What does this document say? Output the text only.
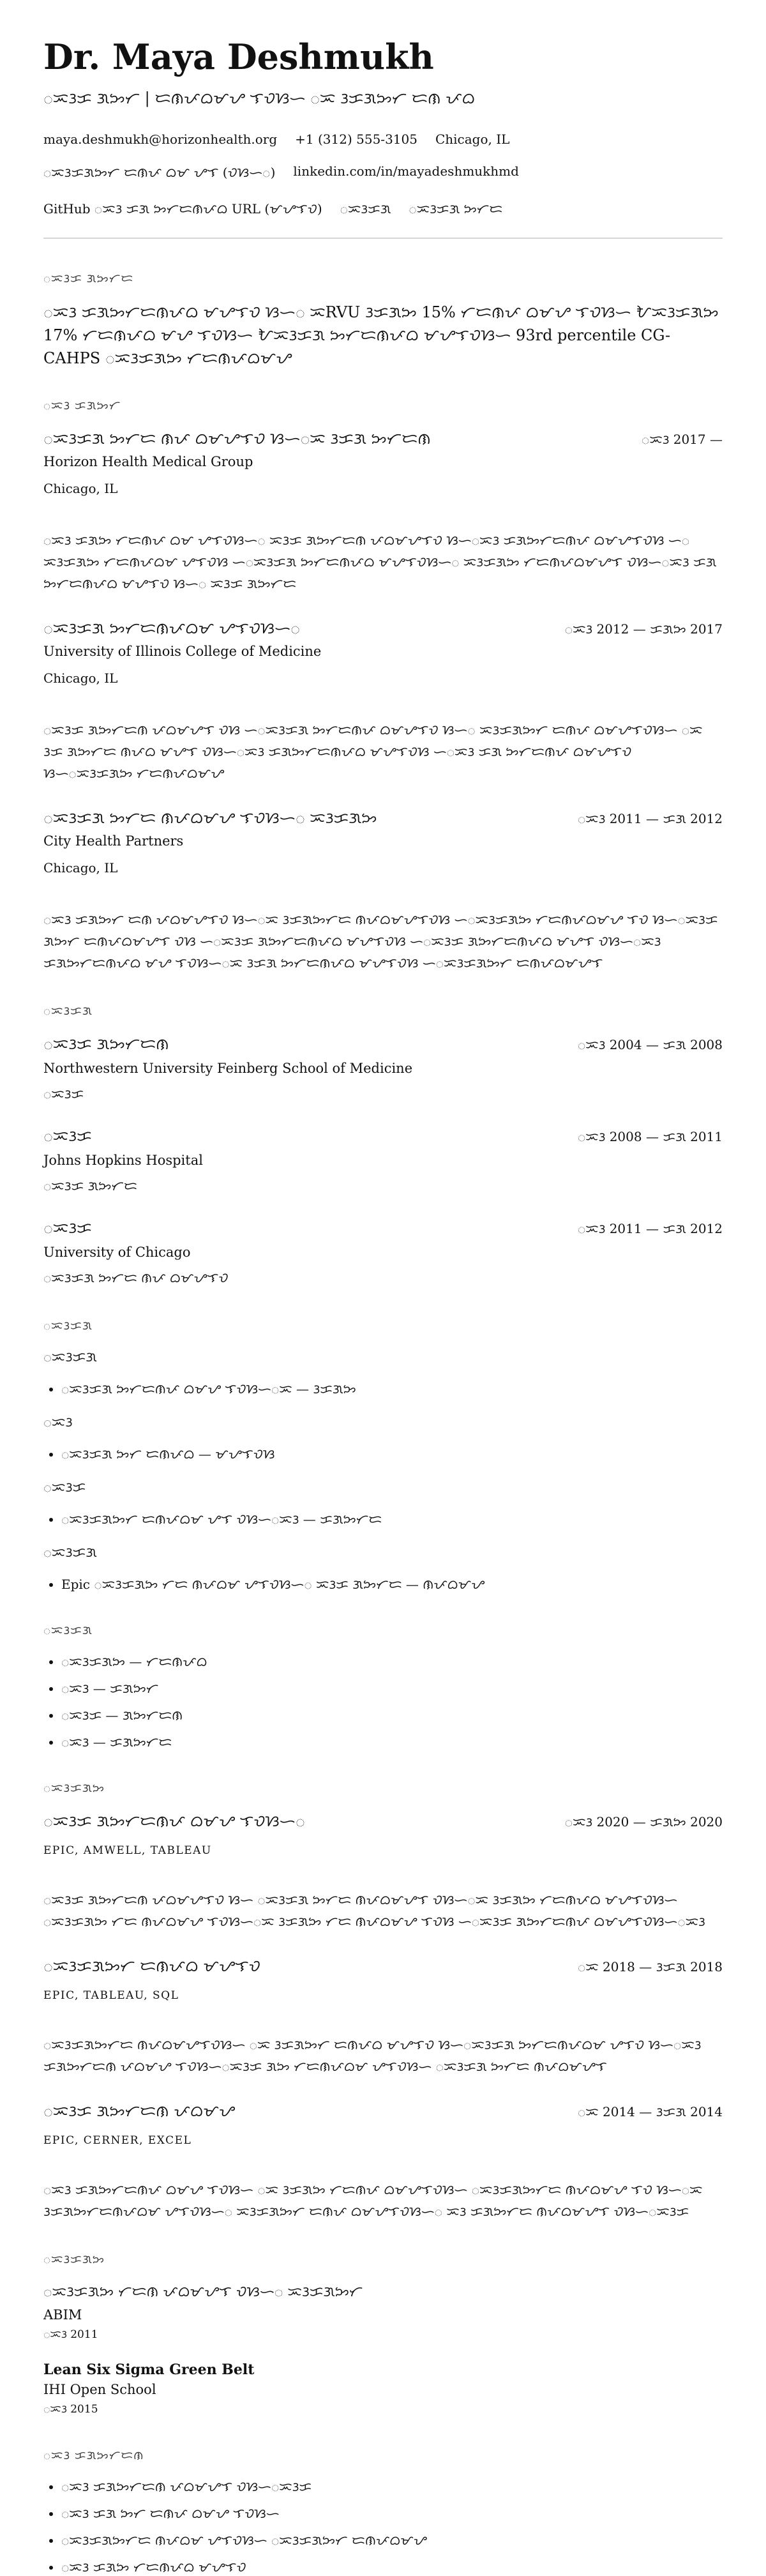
Dr. Maya Deshmukh
ᜀᜁᜂᜃ ᜄᜅᜆ | ᜇᜈᜉᜊᜋᜌ ᜎᜏᜐᜑ ᜀᜁ ᜂᜃᜄᜅᜆ ᜇᜈ ᜉᜊ
maya.deshmukh@horizonhealth.org +1 (312) 555-3105 Chicago, IL
ᜀᜁᜂᜃᜄᜅᜆ ᜇᜈᜉ ᜊᜋ ᜌᜎ (ᜏᜐᜑᜀ) linkedin.com/in/mayadeshmukhmd
GitHub ᜀᜁᜂ ᜃᜄ ᜅᜆᜇᜈᜉᜊ URL (ᜋᜌᜎᜏ) ᜀᜁᜂᜃᜄ ᜀᜁᜂᜃᜄ ᜅᜆᜇ
ᜀᜁᜂᜃ ᜄᜅᜆᜇ
ᜀᜁᜂ ᜃᜄᜅᜆᜇᜈᜉᜊ ᜋᜌᜎᜏ ᜐᜑᜀ ᜁRVU ᜂᜃᜄᜅ 15% ᜆᜇᜈᜉ ᜊᜋᜌ ᜎᜏᜐᜑ ᜀᜁᜂᜃᜄᜅ 17% ᜆᜇᜈᜉᜊ ᜋᜌ ᜎᜏᜐᜑ ᜀᜁᜂᜃᜄ ᜅᜆᜇᜈᜉᜊ ᜋᜌᜎᜏᜐᜑ 93rd percentile CG-CAHPS ᜀᜁᜂᜃᜄᜅ ᜆᜇᜈᜉᜊᜋᜌ
ᜀᜁᜂ ᜃᜄᜅᜆ
ᜀᜁᜂᜃᜄ ᜅᜆᜇ ᜈᜉ ᜊᜋᜌᜎᜏ ᜐᜑᜀᜁ ᜂᜃᜄ ᜅᜆᜇᜈ	ᜀᜁᜂ 2017 —
Horizon Health Medical Group
Chicago, IL
ᜀᜁᜂ ᜃᜄᜅ ᜆᜇᜈᜉ ᜊᜋ ᜌᜎᜏᜐᜑᜀ ᜁᜂᜃ ᜄᜅᜆᜇᜈ ᜉᜊᜋᜌᜎᜏ ᜐᜑᜀᜁᜂ ᜃᜄᜅᜆᜇᜈᜉ ᜊᜋᜌᜎᜏᜐ ᜑᜀ ᜁᜂᜃᜄᜅ ᜆᜇᜈᜉᜊᜋ ᜌᜎᜏᜐ ᜑᜀᜁᜂᜃᜄ ᜅᜆᜇᜈᜉᜊ ᜋᜌᜎᜏᜐᜑᜀ ᜁᜂᜃᜄᜅ ᜆᜇᜈᜉᜊᜋᜌᜎ ᜏᜐᜑᜀᜁᜂ ᜃᜄ ᜅᜆᜇᜈᜉᜊ ᜋᜌᜎᜏ ᜐᜑᜀ ᜁᜂᜃ ᜄᜅᜆᜇ
ᜀᜁᜂᜃᜄ ᜅᜆᜇᜈᜉᜊᜋ ᜌᜎᜏᜐᜑᜀ	ᜀᜁᜂ 2012 — ᜃᜄᜅ 2017
University of Illinois College of Medicine
Chicago, IL
ᜀᜁᜂᜃ ᜄᜅᜆᜇᜈ ᜉᜊᜋᜌᜎ ᜏᜐ ᜑᜀᜁᜂᜃᜄ ᜅᜆᜇᜈᜉ ᜊᜋᜌᜎᜏ ᜐᜑᜀ ᜁᜂᜃᜄᜅᜆ ᜇᜈᜉ ᜊᜋᜌᜎᜏᜐᜑ ᜀᜁ ᜂᜃ ᜄᜅᜆᜇ ᜈᜉᜊ ᜋᜌᜎ ᜏᜐᜑᜀᜁᜂ ᜃᜄᜅᜆᜇᜈᜉᜊ ᜋᜌᜎᜏᜐ ᜑᜀᜁᜂ ᜃᜄ ᜅᜆᜇᜈᜉ ᜊᜋᜌᜎᜏ ᜐᜑᜀᜁᜂᜃᜄᜅ ᜆᜇᜈᜉᜊᜋᜌ
ᜀᜁᜂᜃᜄ ᜅᜆᜇ ᜈᜉᜊᜋᜌ ᜎᜏᜐᜑᜀ ᜁᜂᜃᜄᜅ	ᜀᜁᜂ 2011 — ᜃᜄ 2012
City Health Partners
Chicago, IL
ᜀᜁᜂ ᜃᜄᜅᜆ ᜇᜈ ᜉᜊᜋᜌᜎᜏ ᜐᜑᜀᜁ ᜂᜃᜄᜅᜆᜇ ᜈᜉᜊᜋᜌᜎᜏᜐ ᜑᜀᜁᜂᜃᜄᜅ ᜆᜇᜈᜉᜊᜋᜌ ᜎᜏ ᜐᜑᜀᜁᜂᜃ ᜄᜅᜆ ᜇᜈᜉᜊᜋᜌᜎ ᜏᜐ ᜑᜀᜁᜂᜃ ᜄᜅᜆᜇᜈᜉᜊ ᜋᜌᜎᜏᜐ ᜑᜀᜁᜂᜃ ᜄᜅᜆᜇᜈᜉᜊ ᜋᜌᜎ ᜏᜐᜑᜀᜁᜂ ᜃᜄᜅᜆᜇᜈᜉᜊ ᜋᜌ ᜎᜏᜐᜑᜀᜁ ᜂᜃᜄ ᜅᜆᜇᜈᜉᜊ ᜋᜌᜎᜏᜐ ᜑᜀᜁᜂᜃᜄᜅᜆ ᜇᜈᜉᜊᜋᜌᜎ
ᜀᜁᜂᜃᜄ
ᜀᜁᜂᜃ ᜄᜅᜆᜇᜈ	ᜀᜁᜂ 2004 — ᜃᜄ 2008
Northwestern University Feinberg School of Medicine
ᜀᜁᜂᜃ
ᜀᜁᜂᜃ	ᜀᜁᜂ 2008 — ᜃᜄ 2011
Johns Hopkins Hospital
ᜀᜁᜂᜃ ᜄᜅᜆᜇ
ᜀᜁᜂᜃ	ᜀᜁᜂ 2011 — ᜃᜄ 2012
University of Chicago
ᜀᜁᜂᜃᜄ ᜅᜆᜇ ᜈᜉ ᜊᜋᜌᜎᜏ
ᜀᜁᜂᜃᜄ
ᜀᜁᜂᜃᜄ
• ᜀᜁᜂᜃᜄ ᜅᜆᜇᜈᜉ ᜊᜋᜌ ᜎᜏᜐᜑᜀᜁ — ᜂᜃᜄᜅ
ᜀᜁᜂ
• ᜀᜁᜂᜃᜄ ᜅᜆ ᜇᜈᜉᜊ — ᜋᜌᜎᜏᜐ
ᜀᜁᜂᜃ
• ᜀᜁᜂᜃᜄᜅᜆ ᜇᜈᜉᜊᜋ ᜌᜎ ᜏᜐᜑᜀᜁᜂ — ᜃᜄᜅᜆᜇ
ᜀᜁᜂᜃᜄ
• Epic ᜀᜁᜂᜃᜄᜅ ᜆᜇ ᜈᜉᜊᜋ ᜌᜎᜏᜐᜑᜀ ᜁᜂᜃ ᜄᜅᜆᜇ — ᜈᜉᜊᜋᜌ
ᜀᜁᜂᜃᜄ
• ᜀᜁᜂᜃᜄᜅ — ᜆᜇᜈᜉᜊ
• ᜀᜁᜂ — ᜃᜄᜅᜆ
• ᜀᜁᜂᜃ — ᜄᜅᜆᜇᜈ
• ᜀᜁᜂ — ᜃᜄᜅᜆᜇ
ᜀᜁᜂᜃᜄᜅ
ᜀᜁᜂᜃ ᜄᜅᜆᜇᜈᜉ ᜊᜋᜌ ᜎᜏᜐᜑᜀ	ᜀᜁᜂ 2020 — ᜃᜄᜅ 2020
EPIC, AMWELL, TABLEAU
ᜀᜁᜂᜃ ᜄᜅᜆᜇᜈ ᜉᜊᜋᜌᜎᜏ ᜐᜑ ᜀᜁᜂᜃᜄ ᜅᜆᜇ ᜈᜉᜊᜋᜌᜎ ᜏᜐᜑᜀᜁ ᜂᜃᜄᜅ ᜆᜇᜈᜉᜊ ᜋᜌᜎᜏᜐᜑ ᜀᜁᜂᜃᜄᜅ ᜆᜇ ᜈᜉᜊᜋᜌ ᜎᜏᜐᜑᜀᜁ ᜂᜃᜄᜅ ᜆᜇ ᜈᜉᜊᜋᜌ ᜎᜏᜐ ᜑᜀᜁᜂᜃ ᜄᜅᜆᜇᜈᜉ ᜊᜋᜌᜎᜏᜐᜑᜀᜁᜂ
ᜀᜁᜂᜃᜄᜅᜆ ᜇᜈᜉᜊ ᜋᜌᜎᜏ	ᜀᜁ 2018 — ᜂᜃᜄ 2018
EPIC, TABLEAU, SQL
ᜀᜁᜂᜃᜄᜅᜆᜇ ᜈᜉᜊᜋᜌᜎᜏᜐᜑ ᜀᜁ ᜂᜃᜄᜅᜆ ᜇᜈᜉᜊ ᜋᜌᜎᜏ ᜐᜑᜀᜁᜂᜃᜄ ᜅᜆᜇᜈᜉᜊᜋ ᜌᜎᜏ ᜐᜑᜀᜁᜂ ᜃᜄᜅᜆᜇᜈ ᜉᜊᜋᜌ ᜎᜏᜐᜑᜀᜁᜂᜃ ᜄᜅ ᜆᜇᜈᜉᜊᜋ ᜌᜎᜏᜐᜑ ᜀᜁᜂᜃᜄ ᜅᜆᜇ ᜈᜉᜊᜋᜌᜎ
ᜀᜁᜂᜃ ᜄᜅᜆᜇᜈ ᜉᜊᜋᜌ	ᜀᜁ 2014 — ᜂᜃᜄ 2014
EPIC, CERNER, EXCEL
ᜀᜁᜂ ᜃᜄᜅᜆᜇᜈᜉ ᜊᜋᜌ ᜎᜏᜐᜑ ᜀᜁ ᜂᜃᜄᜅ ᜆᜇᜈᜉ ᜊᜋᜌᜎᜏᜐᜑ ᜀᜁᜂᜃᜄᜅᜆᜇ ᜈᜉᜊᜋᜌ ᜎᜏ ᜐᜑᜀᜁ ᜂᜃᜄᜅᜆᜇᜈᜉᜊᜋ ᜌᜎᜏᜐᜑᜀ ᜁᜂᜃᜄᜅᜆ ᜇᜈᜉ ᜊᜋᜌᜎᜏᜐᜑᜀ ᜁᜂ ᜃᜄᜅᜆᜇ ᜈᜉᜊᜋᜌᜎ ᜏᜐᜑᜀᜁᜂᜃ
ᜀᜁᜂᜃᜄᜅ
ᜀᜁᜂᜃᜄᜅ ᜆᜇᜈ ᜉᜊᜋᜌᜎ ᜏᜐᜑᜀ ᜁᜂᜃᜄᜅᜆ
ABIM
ᜀᜁᜂ 2011
Lean Six Sigma Green Belt
IHI Open School
ᜀᜁᜂ 2015
ᜀᜁᜂ ᜃᜄᜅᜆᜇᜈ
• ᜀᜁᜂ ᜃᜄᜅᜆᜇᜈ ᜉᜊᜋᜌᜎ ᜏᜐᜑᜀᜁᜂᜃ
• ᜀᜁᜂ ᜃᜄ ᜅᜆ ᜇᜈᜉ ᜊᜋᜌ ᜎᜏᜐᜑ
• ᜀᜁᜂᜃᜄᜅᜆᜇ ᜈᜉᜊᜋ ᜌᜎᜏᜐᜑ ᜀᜁᜂᜃᜄᜅᜆ ᜇᜈᜉᜊᜋᜌ
• ᜀᜁᜂ ᜃᜄᜅ ᜆᜇᜈᜉᜊ ᜋᜌᜎᜏ
